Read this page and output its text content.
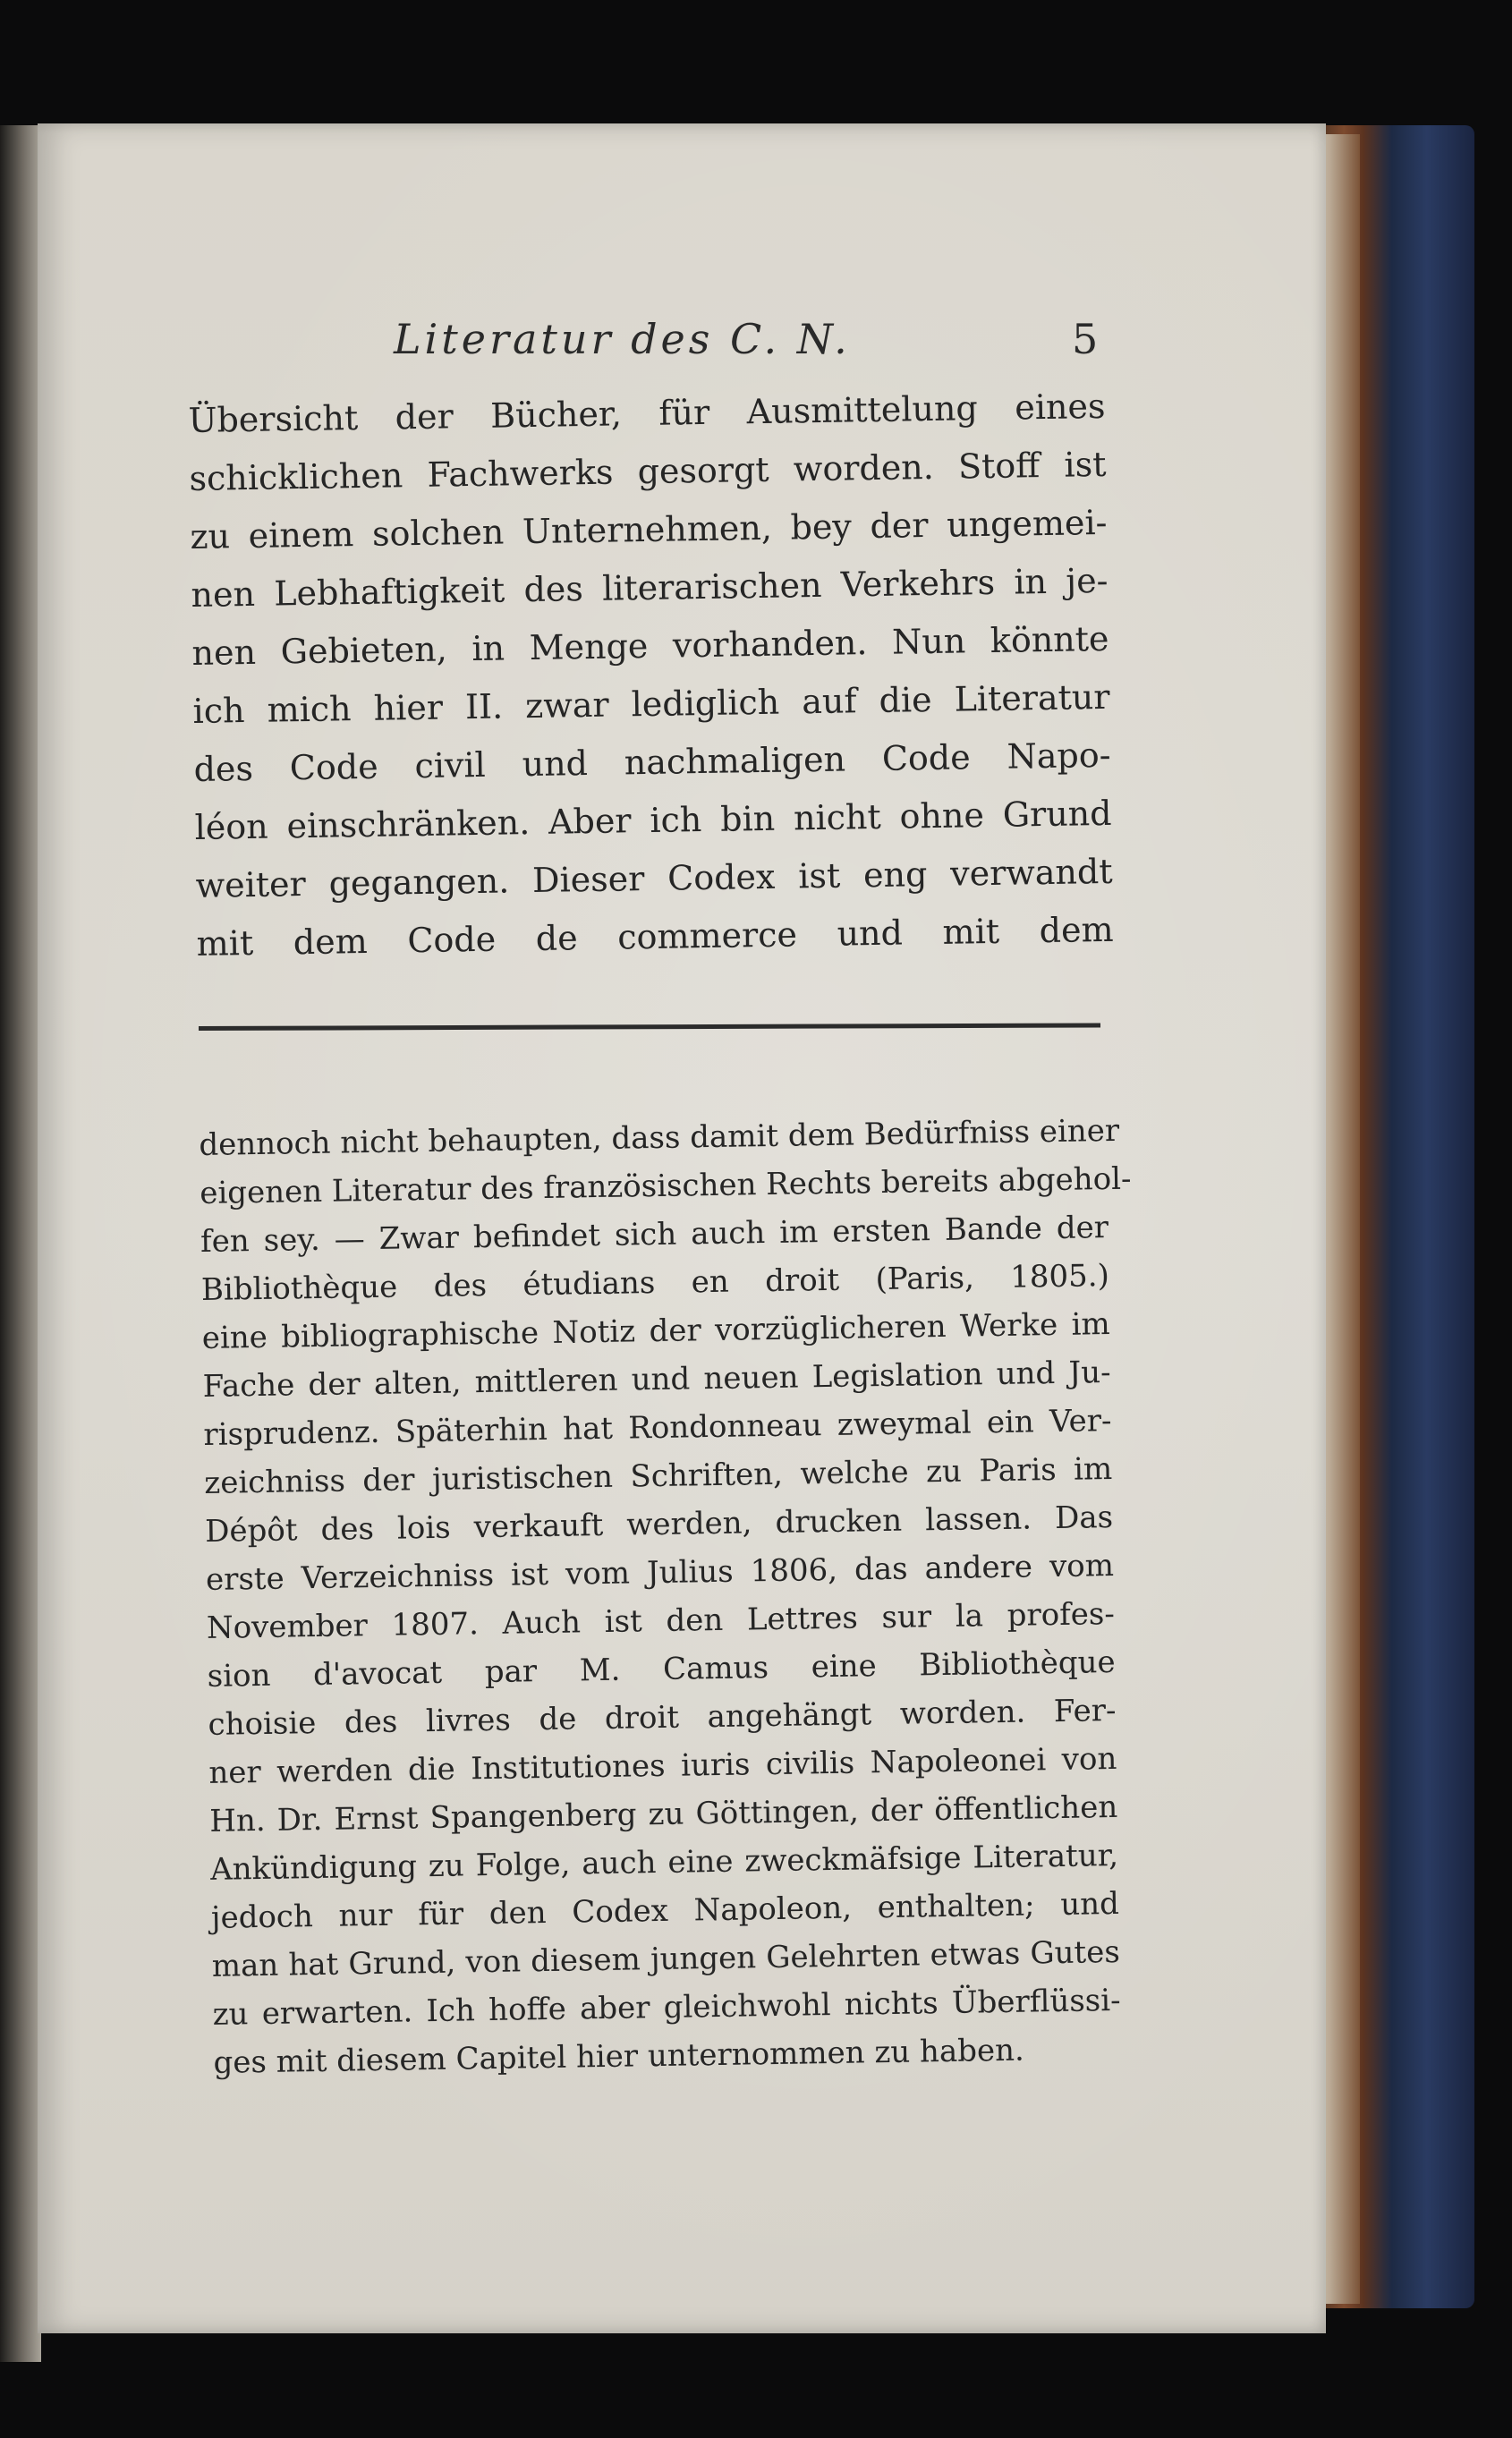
Literatur des C. N.	5
Übersicht der Bücher, für Ausmittelung eines
schicklichen Fachwerks gesorgt worden. Stoff ist
zu einem solchen Unternehmen, bey der ungemei-
nen Lebhaftigkeit des literarischen Verkehrs in je-
nen Gebieten, in Menge vorhanden. Nun könnte
ich mich hier II. zwar lediglich auf die Literatur
des Code civil und nachmaligen Code Napo-
léon einschränken. Aber ich bin nicht ohne Grund
weiter gegangen. Dieser Codex ist eng verwandt
mit dem Code de commerce und mit dem
dennoch nicht behaupten, dass damit dem Bedürfniss einer
eigenen Literatur des französischen Rechts bereits abgehol-
fen sey. — Zwar befindet sich auch im ersten Bande der
Bibliothèque des étudians en droit (Paris, 1805.)
eine bibliographische Notiz der vorzüglicheren Werke im
Fache der alten, mittleren und neuen Legislation und Ju-
risprudenz. Späterhin hat Rondonneau zweymal ein Ver-
zeichniss der juristischen Schriften, welche zu Paris im
Dépôt des lois verkauft werden, drucken lassen. Das
erste Verzeichniss ist vom Julius 1806, das andere vom
November 1807. Auch ist den Lettres sur la profes-
sion d'avocat par M. Camus eine Bibliothèque
choisie des livres de droit angehängt worden. Fer-
ner werden die Institutiones iuris civilis Napoleonei von
Hn. Dr. Ernst Spangenberg zu Göttingen, der öffentlichen
Ankündigung zu Folge, auch eine zweckmäfsige Literatur,
jedoch nur für den Codex Napoleon, enthalten; und
man hat Grund, von diesem jungen Gelehrten etwas Gutes
zu erwarten. Ich hoffe aber gleichwohl nichts Überflüssi-
ges mit diesem Capitel hier unternommen zu haben.
